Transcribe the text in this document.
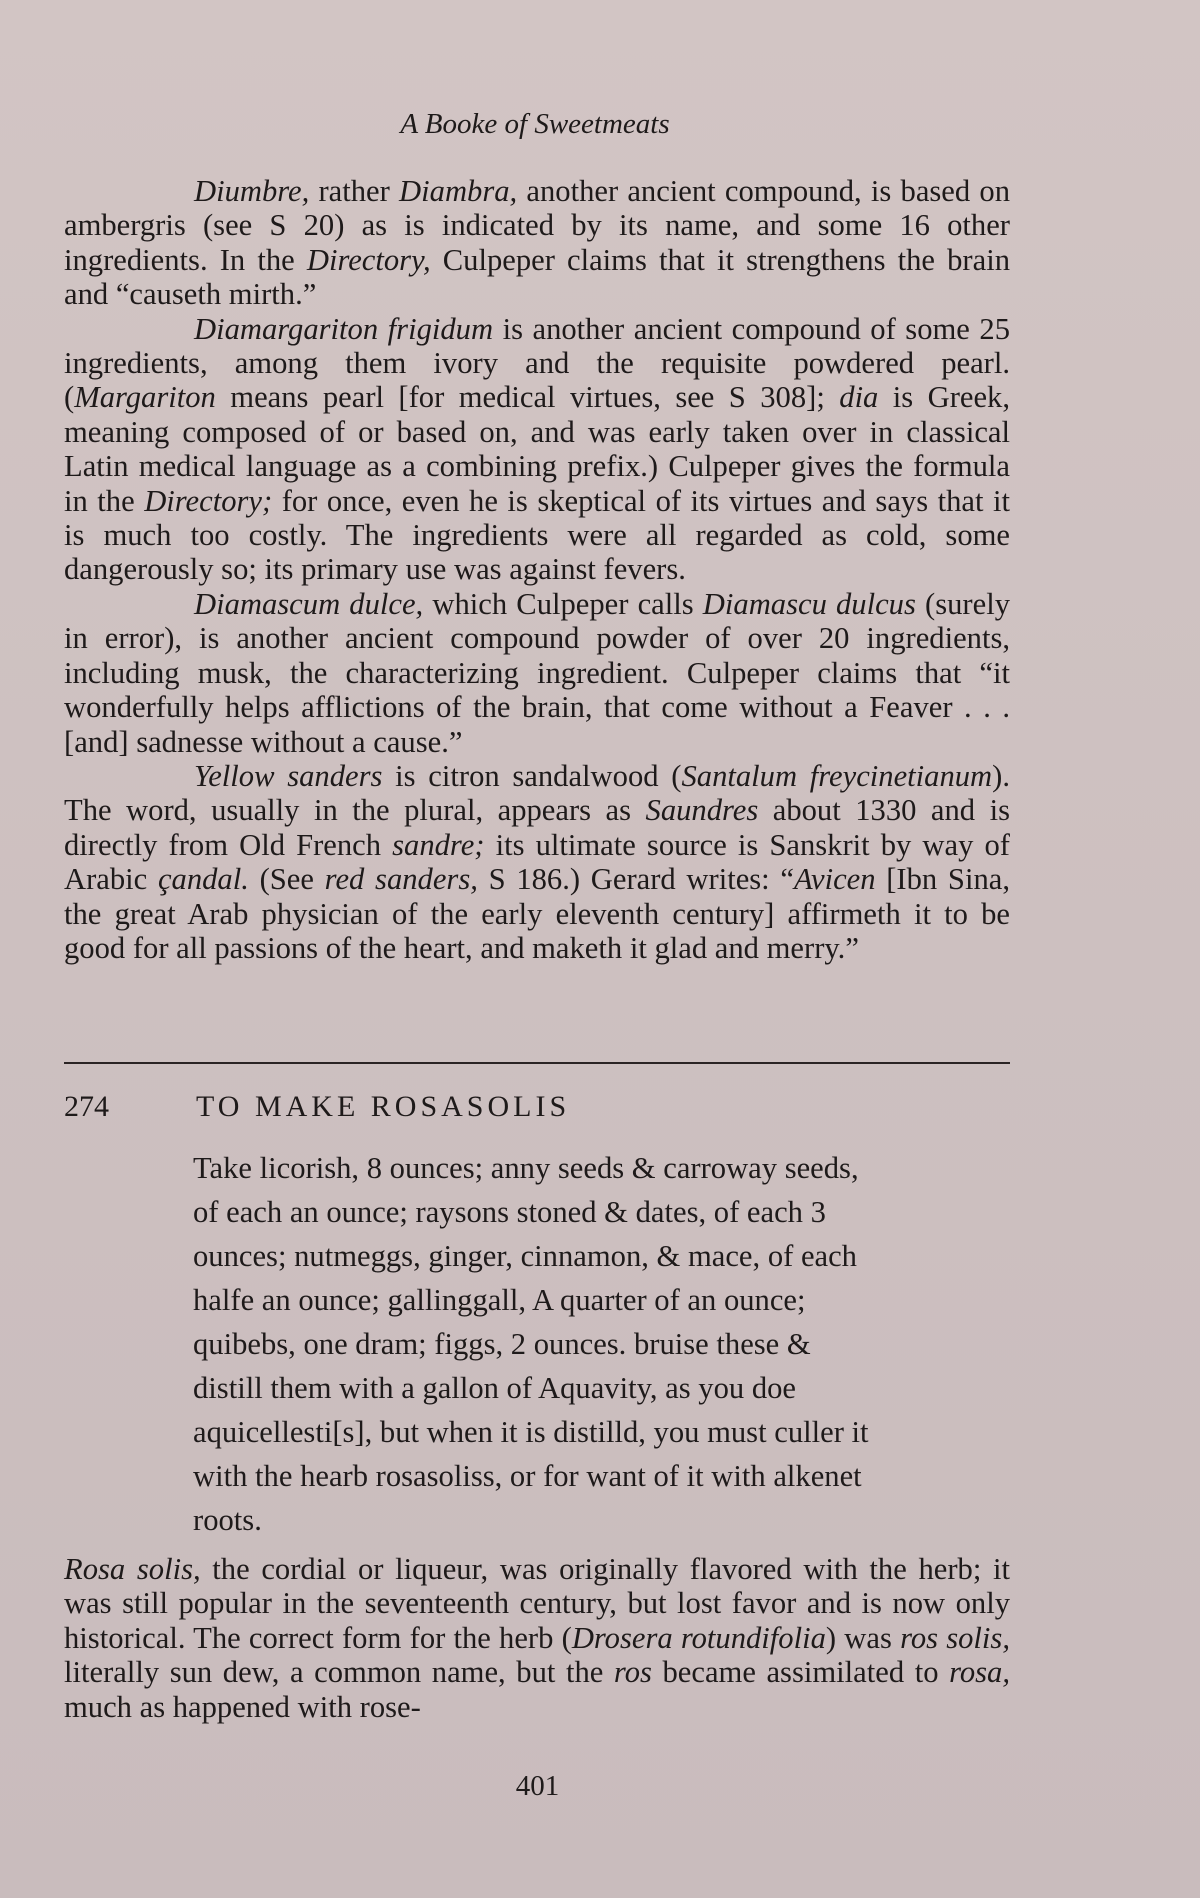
A Booke of Sweetmeats

Diumbre, rather Diambra, another ancient compound, is based on ambergris (see S 20) as is indicated by its name, and some 16 other ingredients. In the Directory, Culpeper claims that it strengthens the brain and “causeth mirth.”

Diamargariton frigidum is another ancient compound of some 25 ingredients, among them ivory and the requisite powdered pearl. (Margariton means pearl [for medical virtues, see S 308]; dia is Greek, meaning composed of or based on, and was early taken over in classical Latin medical language as a combining prefix.) Culpeper gives the formula in the Directory; for once, even he is skeptical of its virtues and says that it is much too costly. The ingredients were all regarded as cold, some dangerously so; its primary use was against fevers.

Diamascum dulce, which Culpeper calls Diamascu dulcus (surely in error), is another ancient compound powder of over 20 ingredients, including musk, the characterizing ingredient. Culpeper claims that “it wonderfully helps afflictions of the brain, that come without a Feaver . . . [and] sadnesse without a cause.”

Yellow sanders is citron sandalwood (Santalum freycinetianum). The word, usually in the plural, appears as Saundres about 1330 and is directly from Old French sandre; its ultimate source is Sanskrit by way of Arabic çandal. (See red sanders, S 186.) Gerard writes: “Avicen [Ibn Sina, the great Arab physician of the early eleventh century] affirmeth it to be good for all passions of the heart, and maketh it glad and merry.”

274	TO MAKE ROSASOLIS
Take licorish, 8 ounces; anny seeds & carroway seeds,
of each an ounce; raysons stoned & dates, of each 3
ounces; nutmeggs, ginger, cinnamon, & mace, of each
halfe an ounce; gallinggall, A quarter of an ounce;
quibebs, one dram; figgs, 2 ounces. bruise these &
distill them with a gallon of Aquavity, as you doe
aquicellesti[s], but when it is distilld, you must culler it
with the hearb rosasoliss, or for want of it with alkenet
roots.

Rosa solis, the cordial or liqueur, was originally flavored with the herb; it was still popular in the seventeenth century, but lost favor and is now only historical. The correct form for the herb (Drosera rotundifolia) was ros solis, literally sun dew, a common name, but the ros became assimilated to rosa, much as happened with rose-

401
